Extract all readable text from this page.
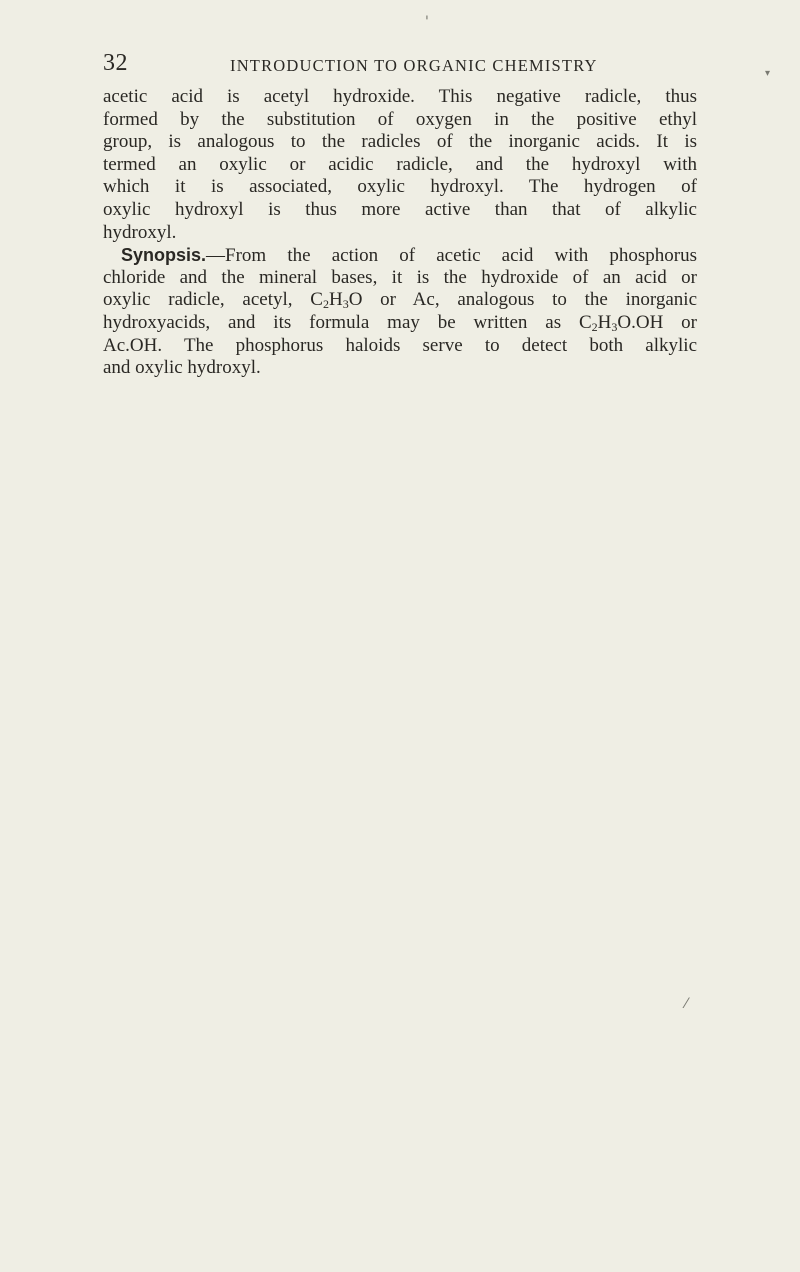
32	INTRODUCTION TO ORGANIC CHEMISTRY
acetic acid is acetyl hydroxide. This negative radicle, thus
formed by the substitution of oxygen in the positive ethyl
group, is analogous to the radicles of the inorganic acids. It is
termed an oxylic or acidic radicle, and the hydroxyl with
which it is associated, oxylic hydroxyl. The hydrogen of
oxylic hydroxyl is thus more active than that of alkylic
hydroxyl.
Synopsis.—From the action of acetic acid with phosphorus
chloride and the mineral bases, it is the hydroxide of an acid or
oxylic radicle, acetyl, $C_2H_3O$ or Ac, analogous to the inorganic
hydroxyacids, and its formula may be written as $C_2H_3O.OH$ or
Ac.OH. The phosphorus haloids serve to detect both alkylic
and oxylic hydroxyl.
'
▾
⁄
